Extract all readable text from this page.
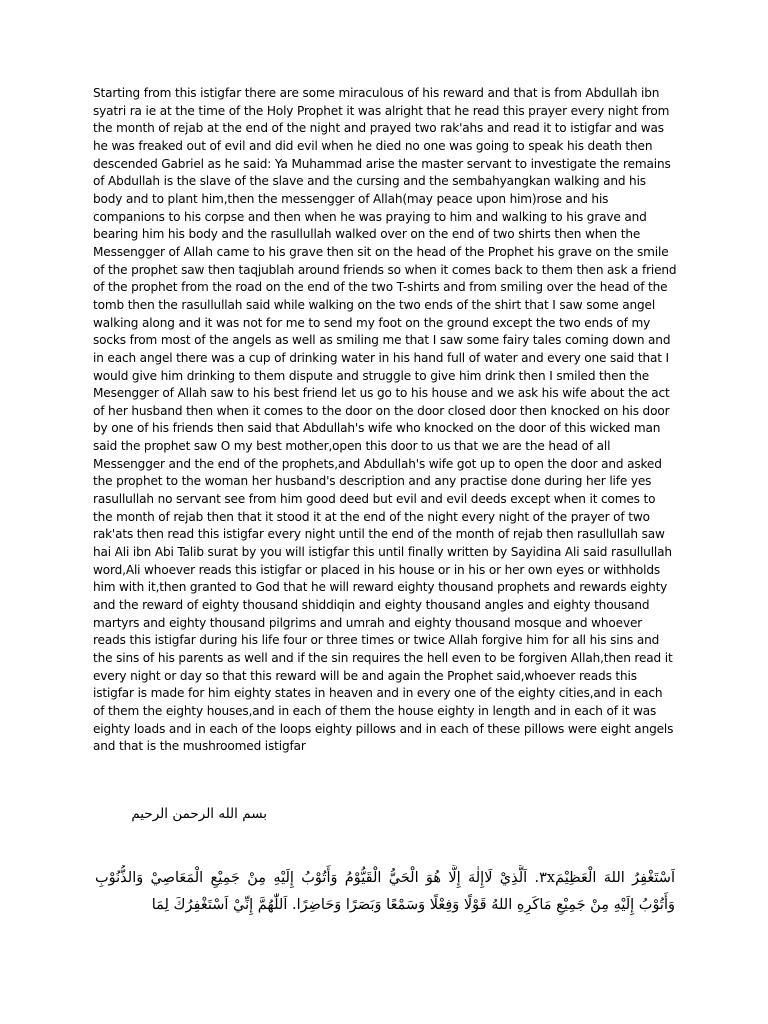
Starting from this istigfar there are some miraculous of his reward and that is from Abdullah ibn syatri ra ie at the time of the Holy Prophet it was alright that he read this prayer every night from the month of rejab at the end of the night and prayed two rak'ahs and read it to istigfar and was he was freaked out of evil and did evil when he died no one was going to speak his death then descended Gabriel as he said: Ya Muhammad arise the master servant to investigate the remains of Abdullah is the slave of the slave and the cursing and the sembahyangkan walking and his body and to plant him,then the messengger of Allah(may peace upon him)rose and his companions to his corpse and then when he was praying to him and walking to his grave and bearing him his body and the rasullullah walked over on the end of two shirts then when the Messengger of Allah came to his grave then sit on the head of the Prophet his grave on the smile of the prophet saw then taqjublah around friends so when it comes back to them then ask a friend of the prophet from the road on the end of the two T-shirts and from smiling over the head of the tomb then the rasullullah said while walking on the two ends of the shirt that I saw some angel walking along and it was not for me to send my foot on the ground except the two ends of my socks from most of the angels as well as smiling me that I saw some fairy tales coming down and in each angel there was a cup of drinking water in his hand full of water and every one said that I would give him drinking to them dispute and struggle to give him drink then I smiled then the Mesengger of Allah saw to his best friend let us go to his house and we ask his wife about the act of her husband then when it comes to the door on the door closed door then knocked on his door by one of his friends then said that Abdullah's wife who knocked on the door of this wicked man said the prophet saw O my best mother,open this door to us that we are the head of all Messengger and the end of the prophets,and Abdullah's wife got up to open the door and asked the prophet to the woman her husband's description and any practise done during her life yes rasullullah no servant see from him good deed but evil and evil deeds except when it comes to the month of rejab then that it stood it at the end of the night every night of the prayer of two rak'ats then read this istigfar every night until the end of the month of rejab then rasullullah saw hai Ali ibn Abi Talib surat by you will istigfar this until finally written by Sayidina Ali said rasullullah word,Ali whoever reads this istigfar or placed in his house or in his or her own eyes or withholds him with it,then granted to God that he will reward eighty thousand prophets and rewards eighty and the reward of eighty thousand shiddiqin and eighty thousand angles and eighty thousand martyrs and eighty thousand pilgrims and umrah and eighty thousand mosque and whoever reads this istigfar during his life four or three times or twice Allah forgive him for all his sins and the sins of his parents as well and if the sin requires the hell even to be forgiven Allah,then read it every night or day so that this reward will be and again the Prophet said,whoever reads this istigfar is made for him eighty states in heaven and in every one of the eighty cities,and in each of them the eighty houses,and in each of them the house eighty in length and in each of it was eighty loads and in each of the loops eighty pillows and in each of these pillows were eight angels and that is the mushroomed istigfar

بسم الله الرحمن الرحيم

اَسْتَغْفِرُ اللهَ الْعَظِيْمَ٣x. اَلَّذِيْ لَاإِلٰهَ إِلَّا هُوَ الْحَيُّ الْقَيُّوْمُ وَأَتُوْبُ إِلَيْهِ مِنْ جَمِيْعِ الْمَعَاصِيْ وَالذُّنُوْبِ وَأَتُوْبُ إِلَيْهِ مِنْ جَمِيْعِ مَاكَرِهِ اللهُ قَوْلًا وَفِعْلًا وَسَمْعًا وَبَصَرًا وَحَاضِرًا. اَللّٰهُمَّ إِنِّيْ اَسْتَغْفِرُكَ لِمَا
